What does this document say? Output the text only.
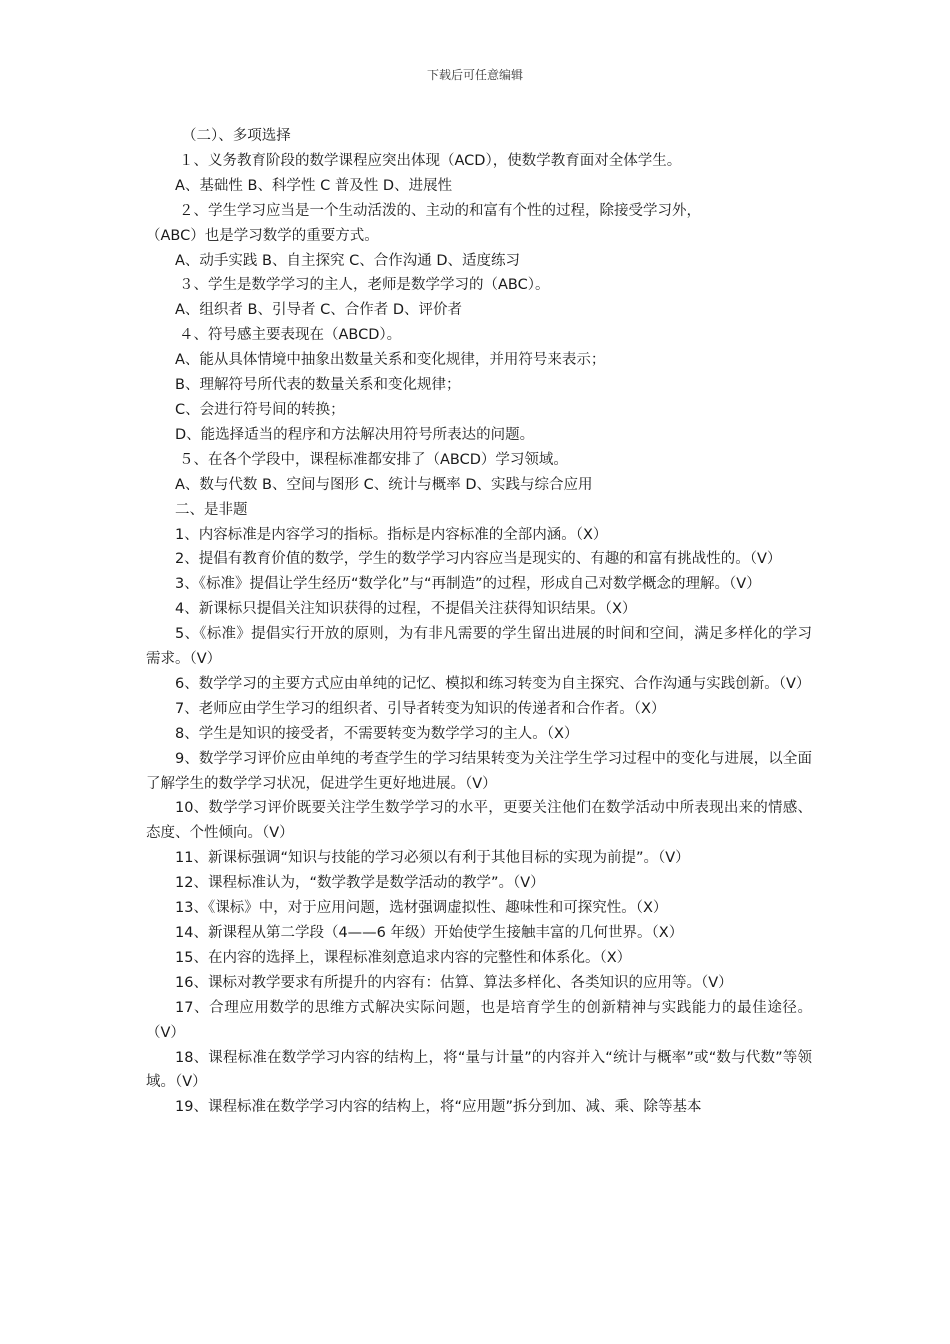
下载后可任意编辑

（二）、多项选择

１、义务教育阶段的数学课程应突出体现（ACD），使数学教育面对全体学生。

A、基础性 B、科学性 C 普及性 D、进展性

２、学生学习应当是一个生动活泼的、主动的和富有个性的过程，除接受学习外，

（ABC）也是学习数学的重要方式。

A、动手实践 B、自主探究 C、合作沟通 D、适度练习

３、学生是数学学习的主人，老师是数学学习的（ABC）。

A、组织者 B、引导者 C、合作者 D、评价者

４、符号感主要表现在（ABCD）。

A、能从具体情境中抽象出数量关系和变化规律，并用符号来表示；

B、理解符号所代表的数量关系和变化规律；

C、会进行符号间的转换；

D、能选择适当的程序和方法解决用符号所表达的问题。

５、在各个学段中，课程标准都安排了（ABCD）学习领域。

A、数与代数 B、空间与图形 C、统计与概率 D、实践与综合应用

二、是非题

1、内容标准是内容学习的指标。指标是内容标准的全部内涵。（X）

2、提倡有教育价值的数学，学生的数学学习内容应当是现实的、有趣的和富有挑战性的。（V）

3、《标准》提倡让学生经历“数学化”与“再制造”的过程，形成自己对数学概念的理解。（V）

4、新课标只提倡关注知识获得的过程，不提倡关注获得知识结果。（X）

5、《标准》提倡实行开放的原则，为有非凡需要的学生留出进展的时间和空间，满足多样化的学习需求。（V）

6、数学学习的主要方式应由单纯的记忆、模拟和练习转变为自主探究、合作沟通与实践创新。（V）

7、老师应由学生学习的组织者、引导者转变为知识的传递者和合作者。（X）

8、学生是知识的接受者，不需要转变为数学学习的主人。（X）

9、数学学习评价应由单纯的考查学生的学习结果转变为关注学生学习过程中的变化与进展，以全面了解学生的数学学习状况，促进学生更好地进展。（V）

10、数学学习评价既要关注学生数学学习的水平，更要关注他们在数学活动中所表现出来的情感、态度、个性倾向。（V）

11、新课标强调“知识与技能的学习必须以有利于其他目标的实现为前提”。（V）

12、课程标准认为，“数学教学是数学活动的教学”。（V）

13、《课标》中，对于应用问题，选材强调虚拟性、趣味性和可探究性。（X）

14、新课程从第二学段（4——6 年级）开始使学生接触丰富的几何世界。（X）

15、在内容的选择上，课程标准刻意追求内容的完整性和体系化。（X）

16、课标对教学要求有所提升的内容有：估算、算法多样化、各类知识的应用等。（V）

17、合理应用数学的思维方式解决实际问题，也是培育学生的创新精神与实践能力的最佳途径。（V）

18、课程标准在数学学习内容的结构上，将“量与计量”的内容并入“统计与概率”或“数与代数”等领域。（V）

19、课程标准在数学学习内容的结构上，将“应用题”拆分到加、减、乘、除等基本
